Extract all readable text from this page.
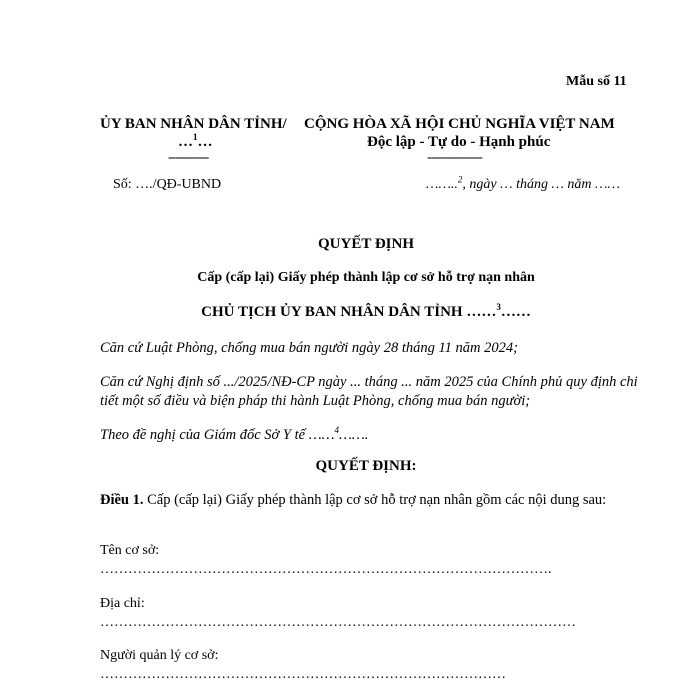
Mẫu số 11
ỦY BAN NHÂN DÂN TỈNH/
…$^1$…
-----------
Số: …./QĐ-UBND
CỘNG HÒA XÃ HỘI CHỦ NGHĨA VIỆT NAM
Độc lập - Tự do - Hạnh phúc
---------------
……..$^2$, ngày … tháng … năm ……
QUYẾT ĐỊNH
Cấp (cấp lại) Giấy phép thành lập cơ sở hỗ trợ nạn nhân
CHỦ TỊCH ỦY BAN NHÂN DÂN TỈNH ……$^3$……
Căn cứ Luật Phòng, chống mua bán người ngày 28 tháng 11 năm 2024;
Căn cứ Nghị định số .../2025/NĐ-CP ngày ... tháng ... năm 2025 của Chính phủ quy định chi tiết một số điều và biện pháp thi hành Luật Phòng, chống mua bán người;
Theo đề nghị của Giám đốc Sở Y tế ……$^4$…….
QUYẾT ĐỊNH:
Điều 1. Cấp (cấp lại) Giấy phép thành lập cơ sở hỗ trợ nạn nhân gồm các nội dung sau:
Tên cơ sở:
…………………………………………………………………………………….
Địa chỉ:
…………………………………………………………………………………………
Người quản lý cơ sở:
……………………………………………………………………………
